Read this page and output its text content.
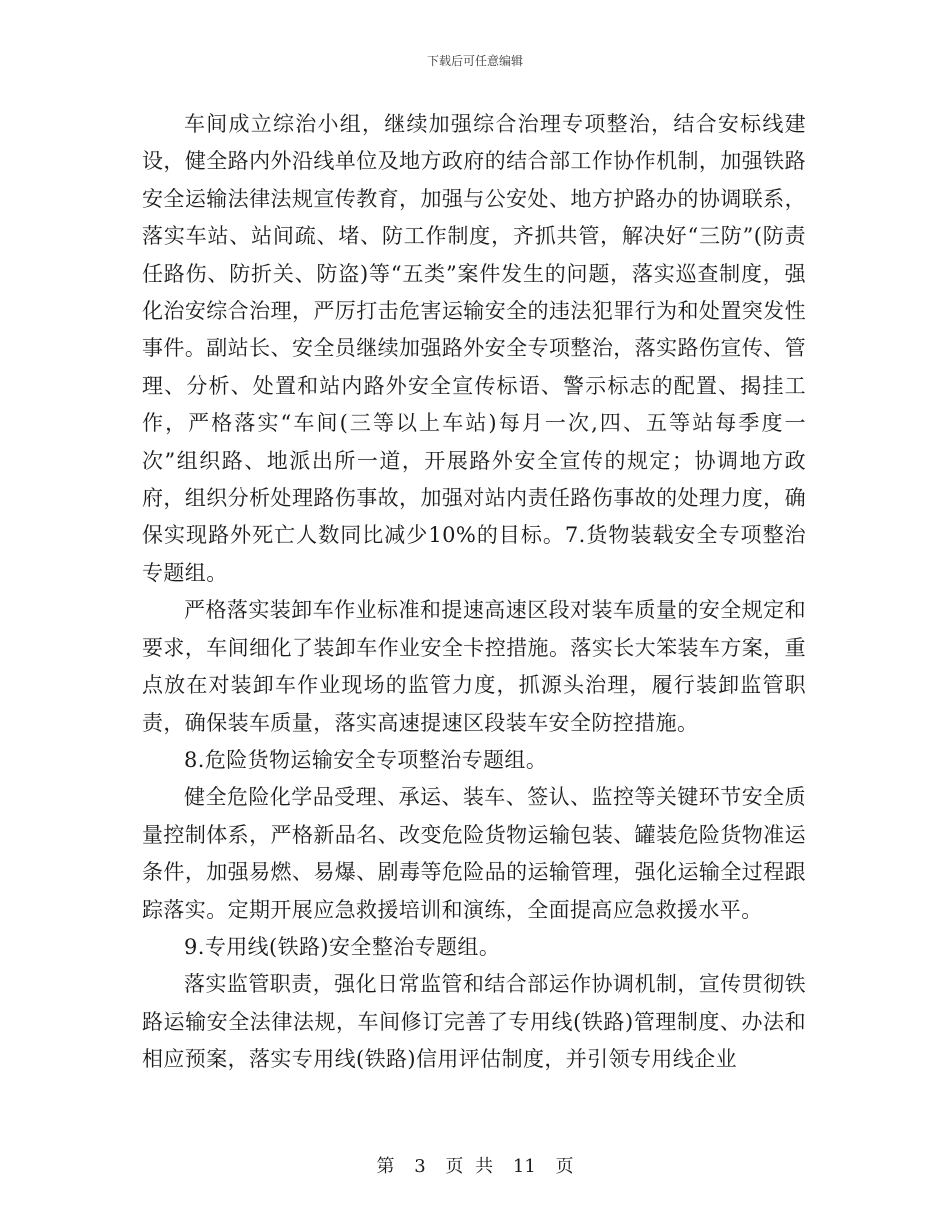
下载后可任意编辑

车间成立综治小组，继续加强综合治理专项整治，结合安标线建设，健全路内外沿线单位及地方政府的结合部工作协作机制，加强铁路安全运输法律法规宣传教育，加强与公安处、地方护路办的协调联系，落实车站、站间疏、堵、防工作制度，齐抓共管，解决好“三防”(防责任路伤、防折关、防盗)等“五类”案件发生的问题，落实巡查制度，强化治安综合治理，严厉打击危害运输安全的违法犯罪行为和处置突发性事件。副站长、安全员继续加强路外安全专项整治，落实路伤宣传、管理、分析、处置和站内路外安全宣传标语、警示标志的配置、揭挂工作，严格落实“车间(三等以上车站)每月一次,四、五等站每季度一次”组织路、地派出所一道，开展路外安全宣传的规定；协调地方政府，组织分析处理路伤事故，加强对站内责任路伤事故的处理力度，确保实现路外死亡人数同比减少10%的目标。7.货物装载安全专项整治专题组。

严格落实装卸车作业标准和提速高速区段对装车质量的安全规定和要求，车间细化了装卸车作业安全卡控措施。落实长大笨装车方案，重点放在对装卸车作业现场的监管力度，抓源头治理，履行装卸监管职责，确保装车质量，落实高速提速区段装车安全防控措施。

8.危险货物运输安全专项整治专题组。

健全危险化学品受理、承运、装车、签认、监控等关键环节安全质量控制体系，严格新品名、改变危险货物运输包装、罐装危险货物准运条件，加强易燃、易爆、剧毒等危险品的运输管理，强化运输全过程跟踪落实。定期开展应急救援培训和演练，全面提高应急救援水平。

9.专用线(铁路)安全整治专题组。

落实监管职责，强化日常监管和结合部运作协调机制，宣传贯彻铁路运输安全法律法规，车间修订完善了专用线(铁路)管理制度、办法和相应预案，落实专用线(铁路)信用评估制度，并引领专用线企业

第 3 页 共 11 页
